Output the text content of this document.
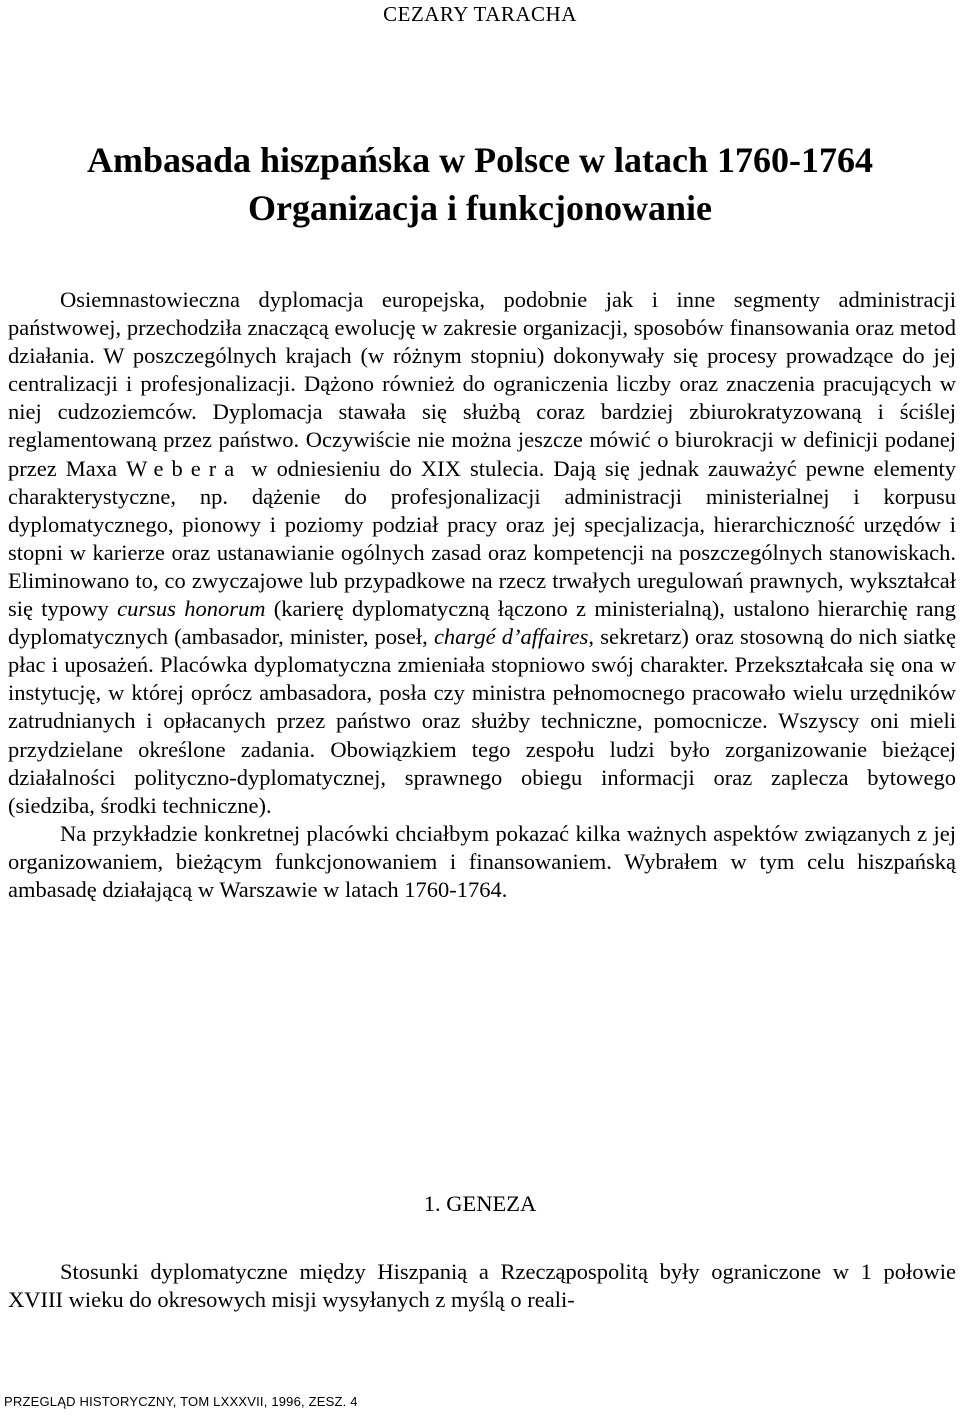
CEZARY TARACHA
Ambasada hiszpańska w Polsce w latach 1760-1764
Organizacja i funkcjonowanie

Osiemnastowieczna dyplomacja europejska, podobnie jak i inne segmenty administracji państwowej, przechodziła znaczącą ewolucję w zakresie organizacji, sposobów finansowania oraz metod działania. W poszczególnych krajach (w różnym stopniu) dokonywały się procesy prowadzące do jej centralizacji i profesjonalizacji. Dążono również do ograniczenia liczby oraz znaczenia pracujących w niej cudzoziemców. Dyplomacja stawała się służbą coraz bardziej zbiurokratyzowaną i ściślej reglamentowaną przez państwo. Oczywiście nie można jeszcze mówić o biurokracji w definicji podanej przez Maxa Webera w odniesieniu do XIX stulecia. Dają się jednak zauważyć pewne elementy charakterystyczne, np. dążenie do profesjonalizacji administracji ministerialnej i korpusu dyplomatycznego, pionowy i poziomy podział pracy oraz jej specjalizacja, hierarchiczność urzędów i stopni w karierze oraz ustanawianie ogólnych zasad oraz kompetencji na poszczególnych stanowiskach. Eliminowano to, co zwyczajowe lub przypadkowe na rzecz trwałych uregulowań prawnych, wykształcał się typowy cursus honorum (karierę dyplomatyczną łączono z ministerialną), ustalono hierarchię rang dyplomatycznych (ambasador, minister, poseł, chargé d’affaires, sekretarz) oraz stosowną do nich siatkę płac i uposażeń. Placówka dyplomatyczna zmieniała stopniowo swój charakter. Przekształcała się ona w instytucję, w której oprócz ambasadora, posła czy ministra pełnomocnego pracowało wielu urzędników zatrudnianych i opłacanych przez państwo oraz służby techniczne, pomocnicze. Wszyscy oni mieli przydzielane określone zadania. Obowiązkiem tego zespołu ludzi było zorganizowanie bieżącej działalności polityczno-dyplomatycznej, sprawnego obiegu informacji oraz zaplecza bytowego (siedziba, środki techniczne).

Na przykładzie konkretnej placówki chciałbym pokazać kilka ważnych aspektów związanych z jej organizowaniem, bieżącym funkcjonowaniem i finansowaniem. Wybrałem w tym celu hiszpańską ambasadę działającą w Warszawie w latach 1760-1764.

1. GENEZA

Stosunki dyplomatyczne między Hiszpanią a Rzecząpospolitą były ograniczone w 1 połowie XVIII wieku do okresowych misji wysyłanych z myślą o reali-

PRZEGLĄD HISTORYCZNY, TOM LXXXVII, 1996, ZESZ. 4
